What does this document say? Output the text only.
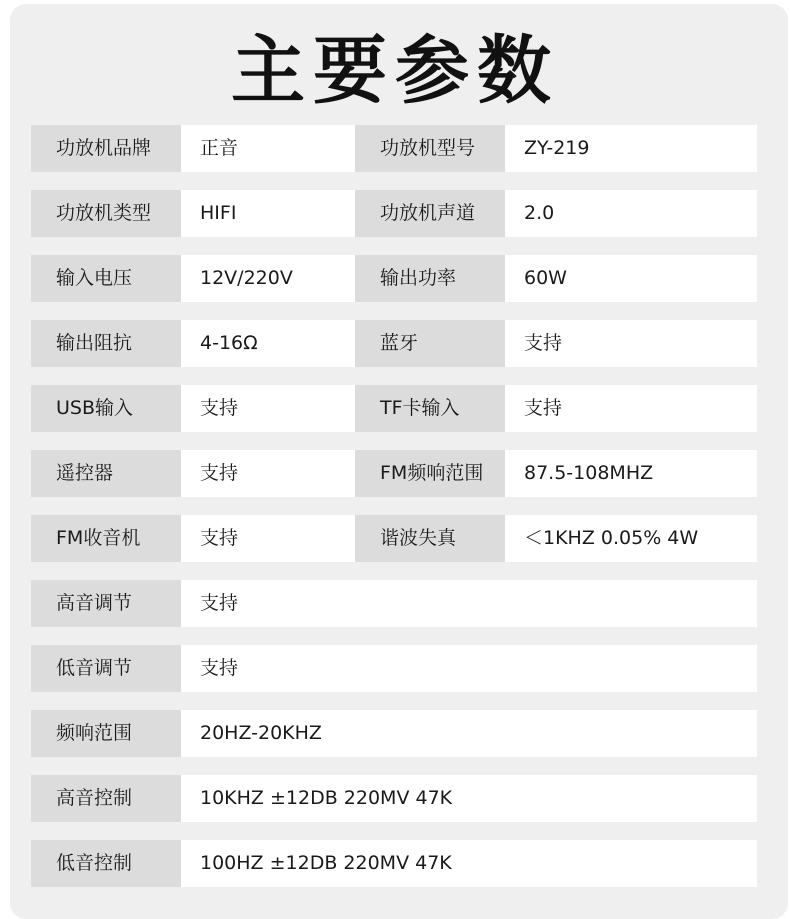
主要参数
功放机品牌	正音	功放机型号	ZY-219
功放机类型	HIFI	功放机声道	2.0
输入电压	12V/220V	输出功率	60W
输出阻抗	4-16Ω	蓝牙	支持
USB输入	支持	TF卡输入	支持
遥控器	支持	FM频响范围	87.5-108MHZ
FM收音机	支持	谐波失真	＜1KHZ 0.05% 4W
高音调节	支持
低音调节	支持
频响范围	20HZ-20KHZ
高音控制	10KHZ ±12DB 220MV 47K
低音控制	100HZ ±12DB 220MV 47K
